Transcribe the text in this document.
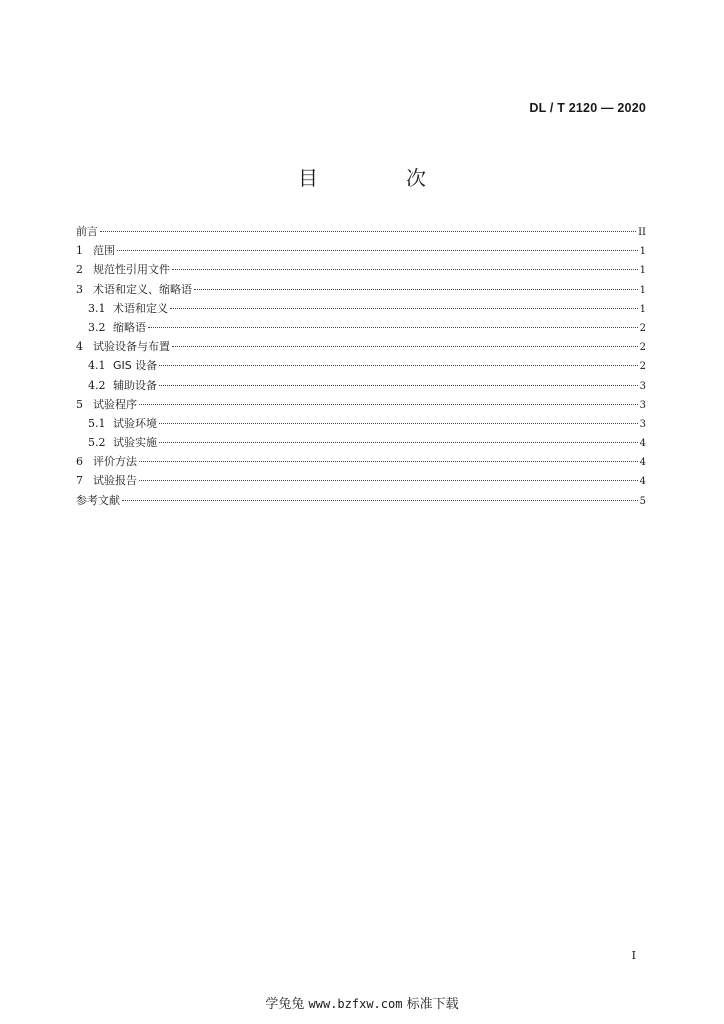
DL / T 2120 — 2020
目　次
前言	II
1 范围	1
2 规范性引用文件	1
3 术语和定义、缩略语	1
3.1 术语和定义	1
3.2 缩略语	2
4 试验设备与布置	2
4.1 GIS 设备	2
4.2 辅助设备	3
5 试验程序	3
5.1 试验环境	3
5.2 试验实施	4
6 评价方法	4
7 试验报告	4
参考文献	5
I
学兔兔 www.bzfxw.com 标准下载
